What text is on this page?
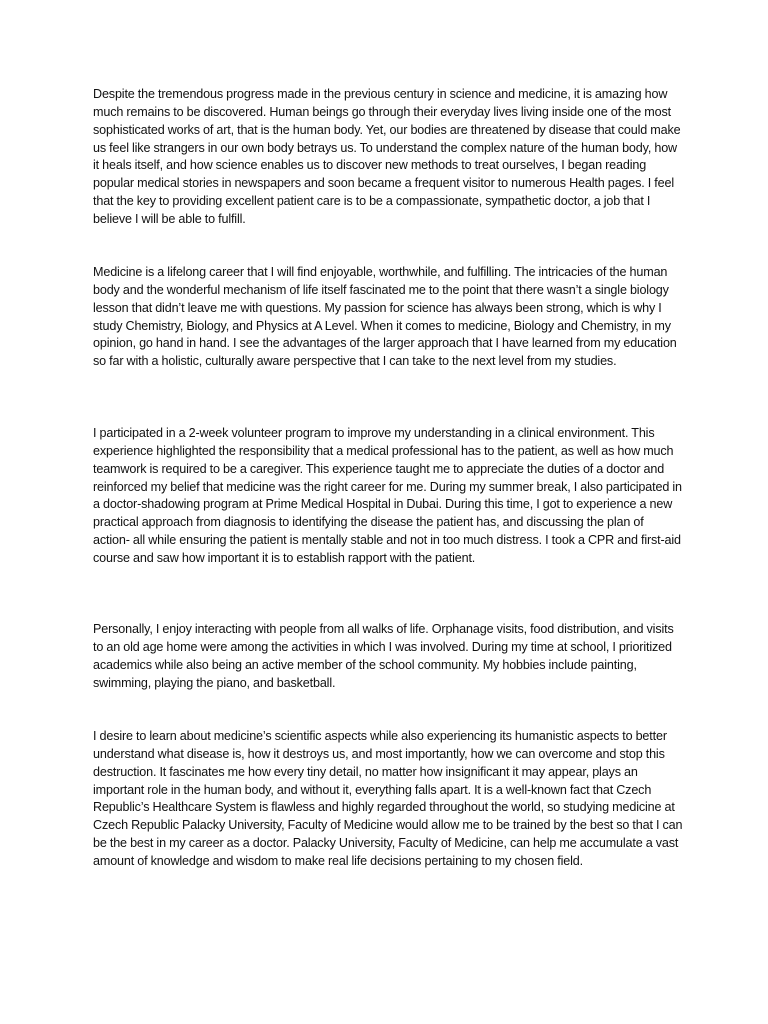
Despite the tremendous progress made in the previous century in science and medicine, it is amazing how much remains to be discovered. Human beings go through their everyday lives living inside one of the most sophisticated works of art, that is the human body. Yet, our bodies are threatened by disease that could make us feel like strangers in our own body betrays us. To understand the complex nature of the human body, how it heals itself, and how science enables us to discover new methods to treat ourselves, I began reading popular medical stories in newspapers and soon became a frequent visitor to numerous Health pages. I feel that the key to providing excellent patient care is to be a compassionate, sympathetic doctor, a job that I believe I will be able to fulfill.

Medicine is a lifelong career that I will find enjoyable, worthwhile, and fulfilling. The intricacies of the human body and the wonderful mechanism of life itself fascinated me to the point that there wasn’t a single biology lesson that didn’t leave me with questions. My passion for science has always been strong, which is why I study Chemistry, Biology, and Physics at A Level. When it comes to medicine, Biology and Chemistry, in my opinion, go hand in hand. I see the advantages of the larger approach that I have learned from my education so far with a holistic, culturally aware perspective that I can take to the next level from my studies.

I participated in a 2-week volunteer program to improve my understanding in a clinical environment. This experience highlighted the responsibility that a medical professional has to the patient, as well as how much teamwork is required to be a caregiver. This experience taught me to appreciate the duties of a doctor and reinforced my belief that medicine was the right career for me. During my summer break, I also participated in a doctor-shadowing program at Prime Medical Hospital in Dubai. During this time, I got to experience a new practical approach from diagnosis to identifying the disease the patient has, and discussing the plan of action- all while ensuring the patient is mentally stable and not in too much distress. I took a CPR and first-aid course and saw how important it is to establish rapport with the patient.

Personally, I enjoy interacting with people from all walks of life. Orphanage visits, food distribution, and visits to an old age home were among the activities in which I was involved. During my time at school, I prioritized academics while also being an active member of the school community. My hobbies include painting, swimming, playing the piano, and basketball.

I desire to learn about medicine’s scientific aspects while also experiencing its humanistic aspects to better understand what disease is, how it destroys us, and most importantly, how we can overcome and stop this destruction. It fascinates me how every tiny detail, no matter how insignificant it may appear, plays an important role in the human body, and without it, everything falls apart. It is a well-known fact that Czech Republic’s Healthcare System is flawless and highly regarded throughout the world, so studying medicine at Czech Republic Palacky University, Faculty of Medicine would allow me to be trained by the best so that I can be the best in my career as a doctor. Palacky University, Faculty of Medicine, can help me accumulate a vast amount of knowledge and wisdom to make real life decisions pertaining to my chosen field.
